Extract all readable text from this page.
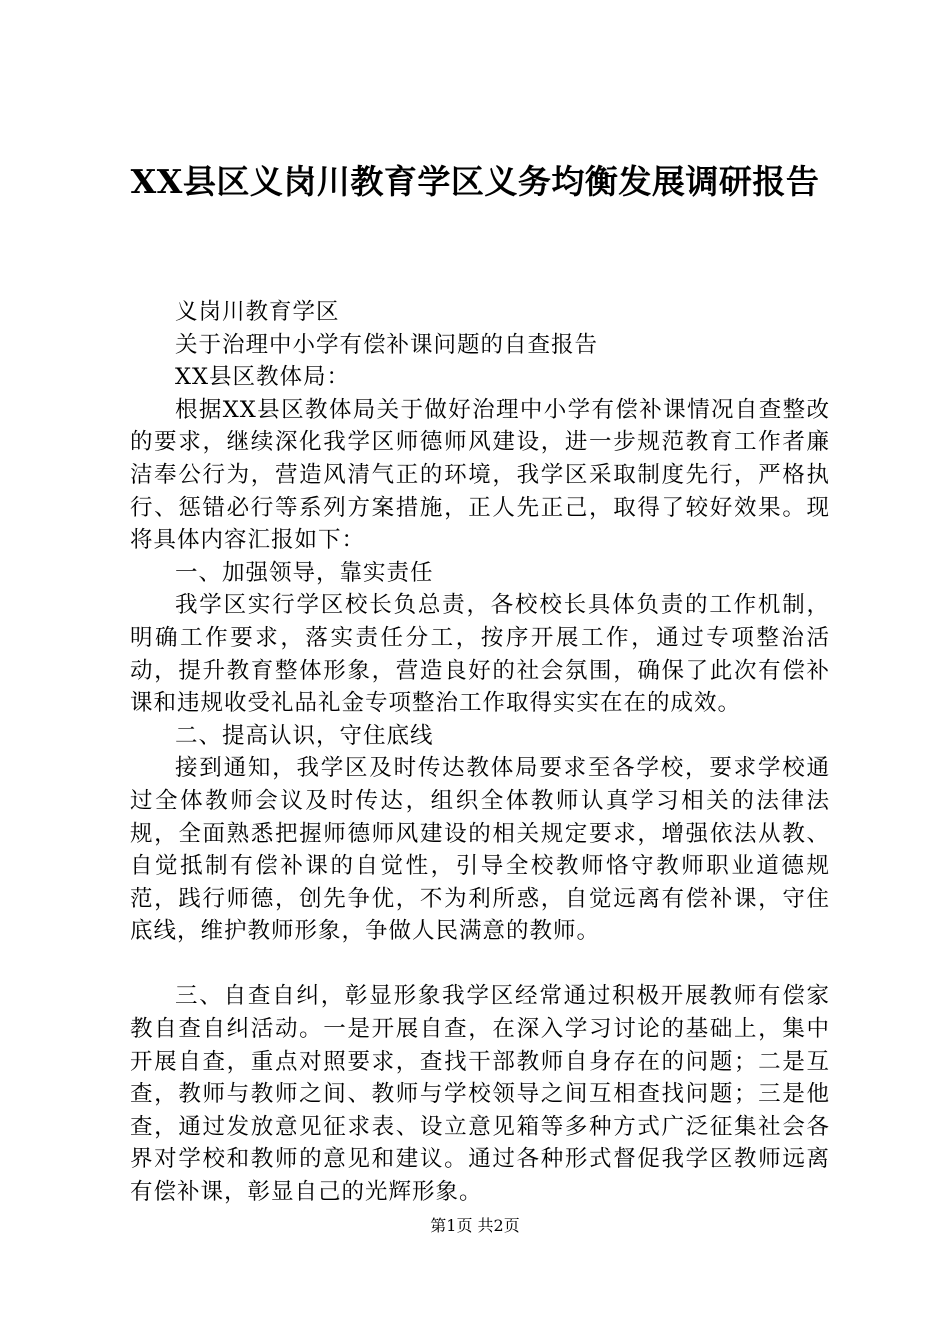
XX县区义岗川教育学区义务均衡发展调研报告

义岗川教育学区

关于治理中小学有偿补课问题的自查报告

XX县区教体局：

根据XX县区教体局关于做好治理中小学有偿补课情况自查整改的要求，继续深化我学区师德师风建设，进一步规范教育工作者廉洁奉公行为，营造风清气正的环境，我学区采取制度先行，严格执行、惩错必行等系列方案措施，正人先正己，取得了较好效果。现将具体内容汇报如下：

一、加强领导，靠实责任

我学区实行学区校长负总责，各校校长具体负责的工作机制，明确工作要求，落实责任分工，按序开展工作，通过专项整治活动，提升教育整体形象，营造良好的社会氛围，确保了此次有偿补课和违规收受礼品礼金专项整治工作取得实实在在的成效。

二、提高认识，守住底线

接到通知，我学区及时传达教体局要求至各学校，要求学校通过全体教师会议及时传达，组织全体教师认真学习相关的法律法规，全面熟悉把握师德师风建设的相关规定要求，增强依法从教、自觉抵制有偿补课的自觉性，引导全校教师恪守教师职业道德规范，践行师德，创先争优，不为利所惑，自觉远离有偿补课，守住底线，维护教师形象，争做人民满意的教师。

三、自查自纠，彰显形象我学区经常通过积极开展教师有偿家教自查自纠活动。一是开展自查，在深入学习讨论的基础上，集中开展自查，重点对照要求，查找干部教师自身存在的问题；二是互查，教师与教师之间、教师与学校领导之间互相查找问题；三是他查，通过发放意见征求表、设立意见箱等多种方式广泛征集社会各界对学校和教师的意见和建议。通过各种形式督促我学区教师远离有偿补课，彰显自己的光辉形象。

第1页 共2页
